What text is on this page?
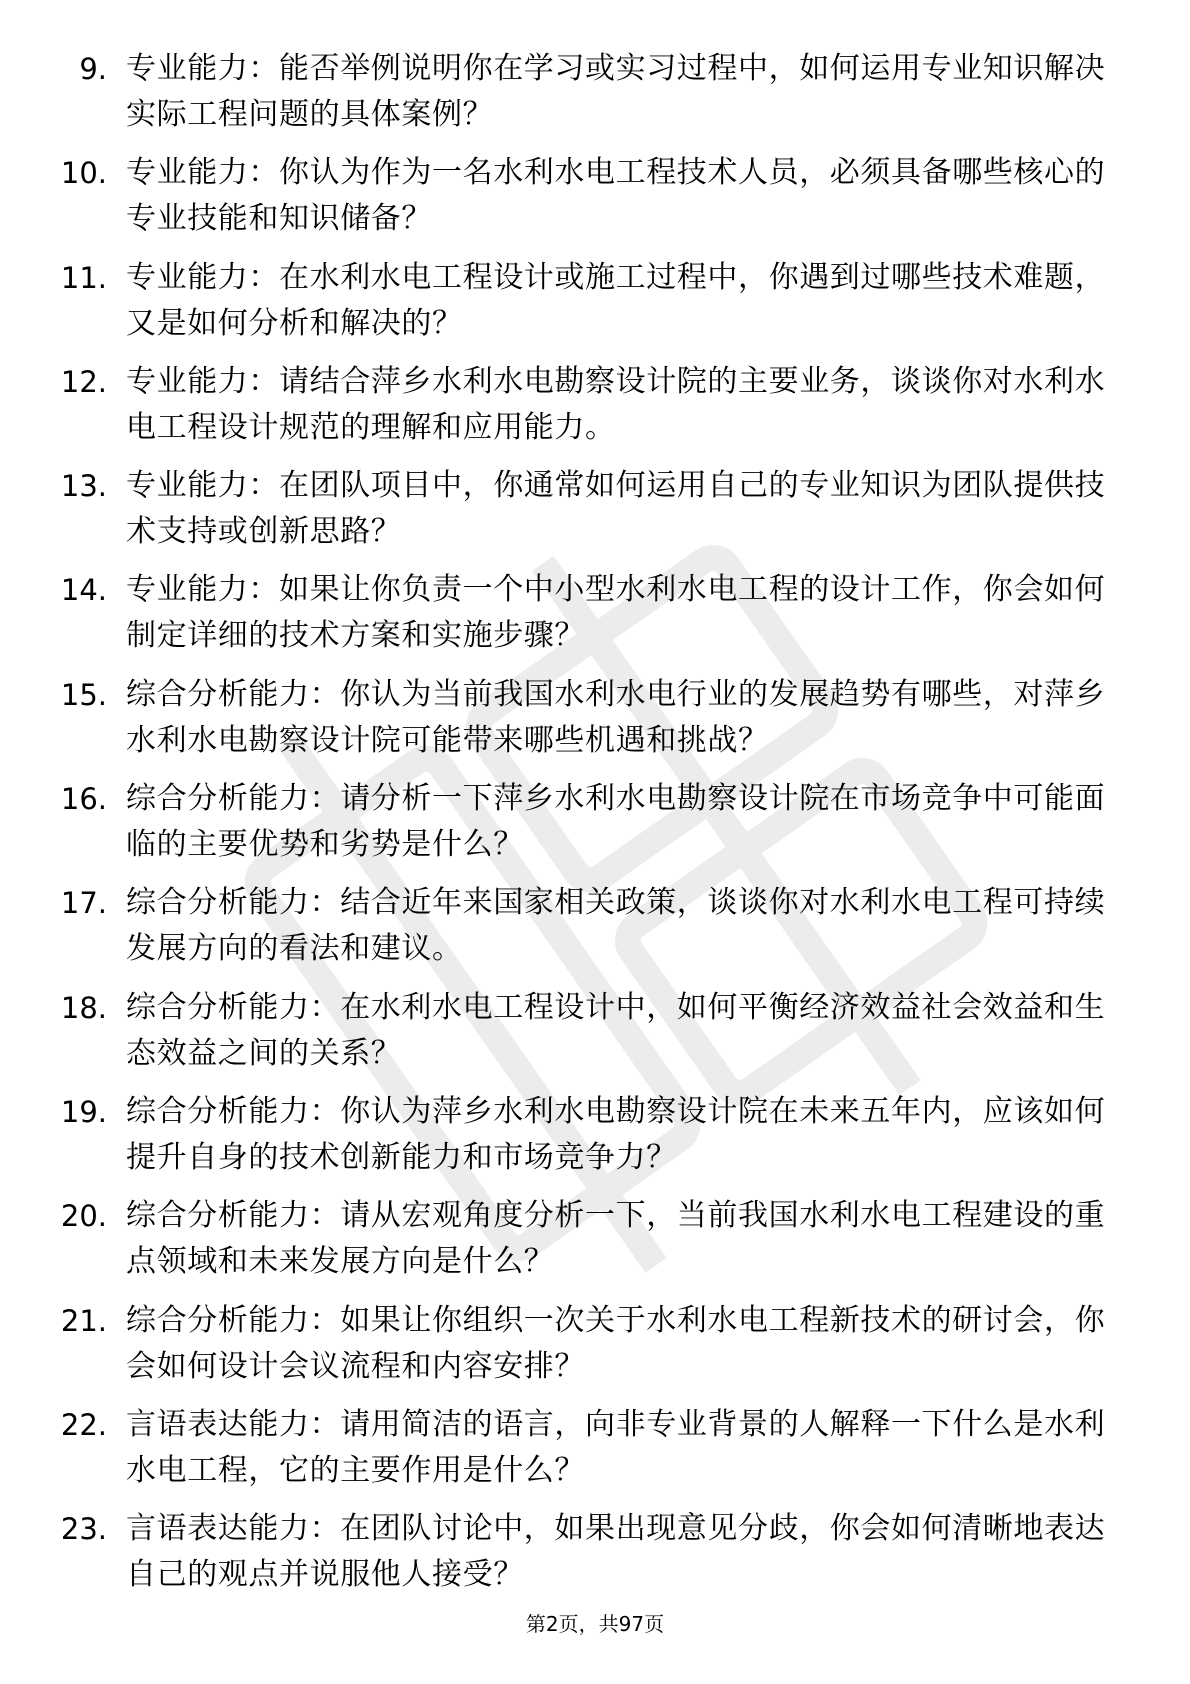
9. 专业能力：能否举例说明你在学习或实习过程中，如何运用专业知识解决实际工程问题的具体案例？
10. 专业能力：你认为作为一名水利水电工程技术人员，必须具备哪些核心的专业技能和知识储备？
11. 专业能力：在水利水电工程设计或施工过程中，你遇到过哪些技术难题，又是如何分析和解决的？
12. 专业能力：请结合萍乡水利水电勘察设计院的主要业务，谈谈你对水利水电工程设计规范的理解和应用能力。
13. 专业能力：在团队项目中，你通常如何运用自己的专业知识为团队提供技术支持或创新思路？
14. 专业能力：如果让你负责一个中小型水利水电工程的设计工作，你会如何制定详细的技术方案和实施步骤？
15. 综合分析能力：你认为当前我国水利水电行业的发展趋势有哪些，对萍乡水利水电勘察设计院可能带来哪些机遇和挑战？
16. 综合分析能力：请分析一下萍乡水利水电勘察设计院在市场竞争中可能面临的主要优势和劣势是什么？
17. 综合分析能力：结合近年来国家相关政策，谈谈你对水利水电工程可持续发展方向的看法和建议。
18. 综合分析能力：在水利水电工程设计中，如何平衡经济效益社会效益和生态效益之间的关系？
19. 综合分析能力：你认为萍乡水利水电勘察设计院在未来五年内，应该如何提升自身的技术创新能力和市场竞争力？
20. 综合分析能力：请从宏观角度分析一下，当前我国水利水电工程建设的重点领域和未来发展方向是什么？
21. 综合分析能力：如果让你组织一次关于水利水电工程新技术的研讨会，你会如何设计会议流程和内容安排？
22. 言语表达能力：请用简洁的语言，向非专业背景的人解释一下什么是水利水电工程，它的主要作用是什么？
23. 言语表达能力：在团队讨论中，如果出现意见分歧，你会如何清晰地表达自己的观点并说服他人接受？
第2页，共97页
